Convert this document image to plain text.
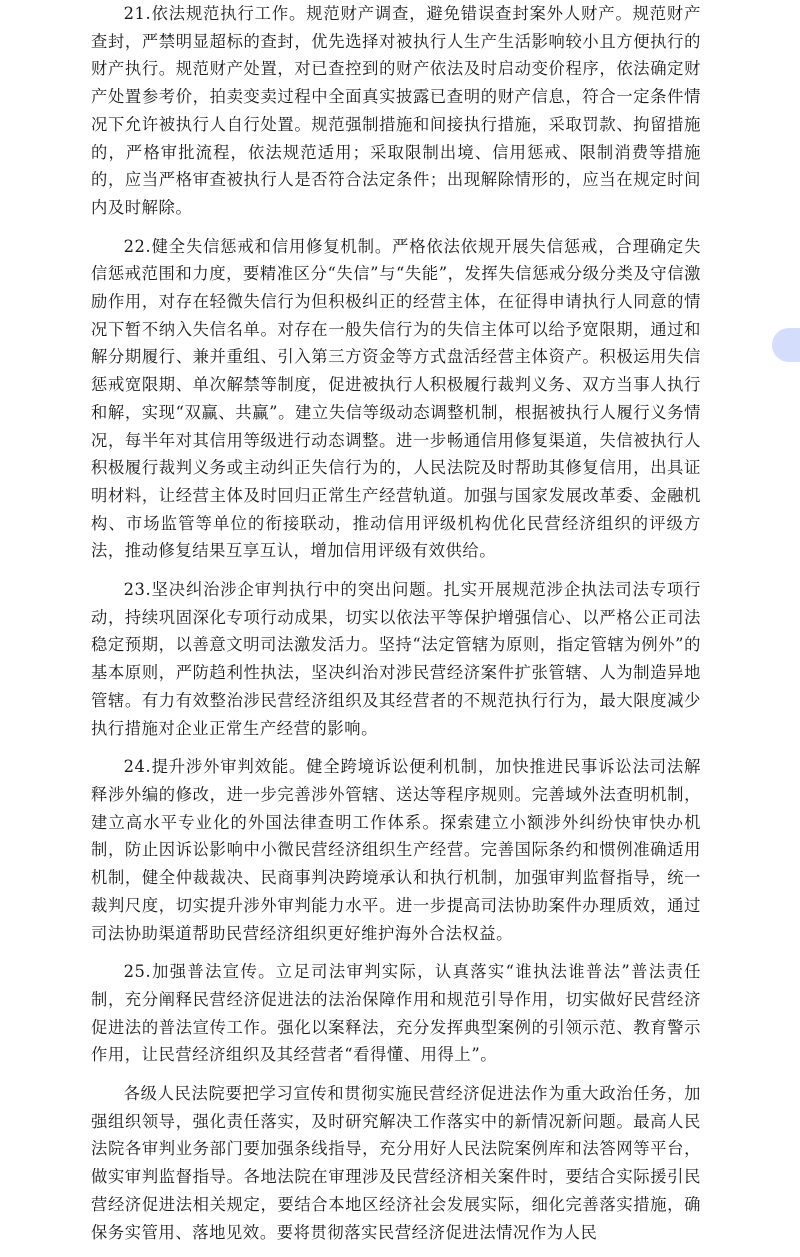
21.依法规范执行工作。规范财产调查，避免错误查封案外人财产。规范财产查封，严禁明显超标的查封，优先选择对被执行人生产生活影响较小且方便执行的财产执行。规范财产处置，对已查控到的财产依法及时启动变价程序，依法确定财产处置参考价，拍卖变卖过程中全面真实披露已查明的财产信息，符合一定条件情况下允许被执行人自行处置。规范强制措施和间接执行措施，采取罚款、拘留措施的，严格审批流程，依法规范适用；采取限制出境、信用惩戒、限制消费等措施的，应当严格审查被执行人是否符合法定条件；出现解除情形的，应当在规定时间内及时解除。

22.健全失信惩戒和信用修复机制。严格依法依规开展失信惩戒，合理确定失信惩戒范围和力度，要精准区分“失信”与“失能”，发挥失信惩戒分级分类及守信激励作用，对存在轻微失信行为但积极纠正的经营主体，在征得申请执行人同意的情况下暂不纳入失信名单。对存在一般失信行为的失信主体可以给予宽限期，通过和解分期履行、兼并重组、引入第三方资金等方式盘活经营主体资产。积极运用失信惩戒宽限期、单次解禁等制度，促进被执行人积极履行裁判义务、双方当事人执行和解，实现“双赢、共赢”。建立失信等级动态调整机制，根据被执行人履行义务情况，每半年对其信用等级进行动态调整。进一步畅通信用修复渠道，失信被执行人积极履行裁判义务或主动纠正失信行为的，人民法院及时帮助其修复信用，出具证明材料，让经营主体及时回归正常生产经营轨道。加强与国家发展改革委、金融机构、市场监管等单位的衔接联动，推动信用评级机构优化民营经济组织的评级方法，推动修复结果互享互认，增加信用评级有效供给。

23.坚决纠治涉企审判执行中的突出问题。扎实开展规范涉企执法司法专项行动，持续巩固深化专项行动成果，切实以依法平等保护增强信心、以严格公正司法稳定预期，以善意文明司法激发活力。坚持“法定管辖为原则，指定管辖为例外”的基本原则，严防趋利性执法，坚决纠治对涉民营经济案件扩张管辖、人为制造异地管辖。有力有效整治涉民营经济组织及其经营者的不规范执行行为，最大限度减少执行措施对企业正常生产经营的影响。

24.提升涉外审判效能。健全跨境诉讼便利机制，加快推进民事诉讼法司法解释涉外编的修改，进一步完善涉外管辖、送达等程序规则。完善域外法查明机制，建立高水平专业化的外国法律查明工作体系。探索建立小额涉外纠纷快审快办机制，防止因诉讼影响中小微民营经济组织生产经营。完善国际条约和惯例准确适用机制，健全仲裁裁决、民商事判决跨境承认和执行机制，加强审判监督指导，统一裁判尺度，切实提升涉外审判能力水平。进一步提高司法协助案件办理质效，通过司法协助渠道帮助民营经济组织更好维护海外合法权益。

25.加强普法宣传。立足司法审判实际，认真落实“谁执法谁普法”普法责任制，充分阐释民营经济促进法的法治保障作用和规范引导作用，切实做好民营经济促进法的普法宣传工作。强化以案释法，充分发挥典型案例的引领示范、教育警示作用，让民营经济组织及其经营者“看得懂、用得上”。

各级人民法院要把学习宣传和贯彻实施民营经济促进法作为重大政治任务，加强组织领导，强化责任落实，及时研究解决工作落实中的新情况新问题。最高人民法院各审判业务部门要加强条线指导，充分用好人民法院案例库和法答网等平台，做实审判监督指导。各地法院在审理涉及民营经济相关案件时，要结合实际援引民营经济促进法相关规定，要结合本地区经济社会发展实际，细化完善落实措施，确保务实管用、落地见效。要将贯彻落实民营经济促进法情况作为人民
